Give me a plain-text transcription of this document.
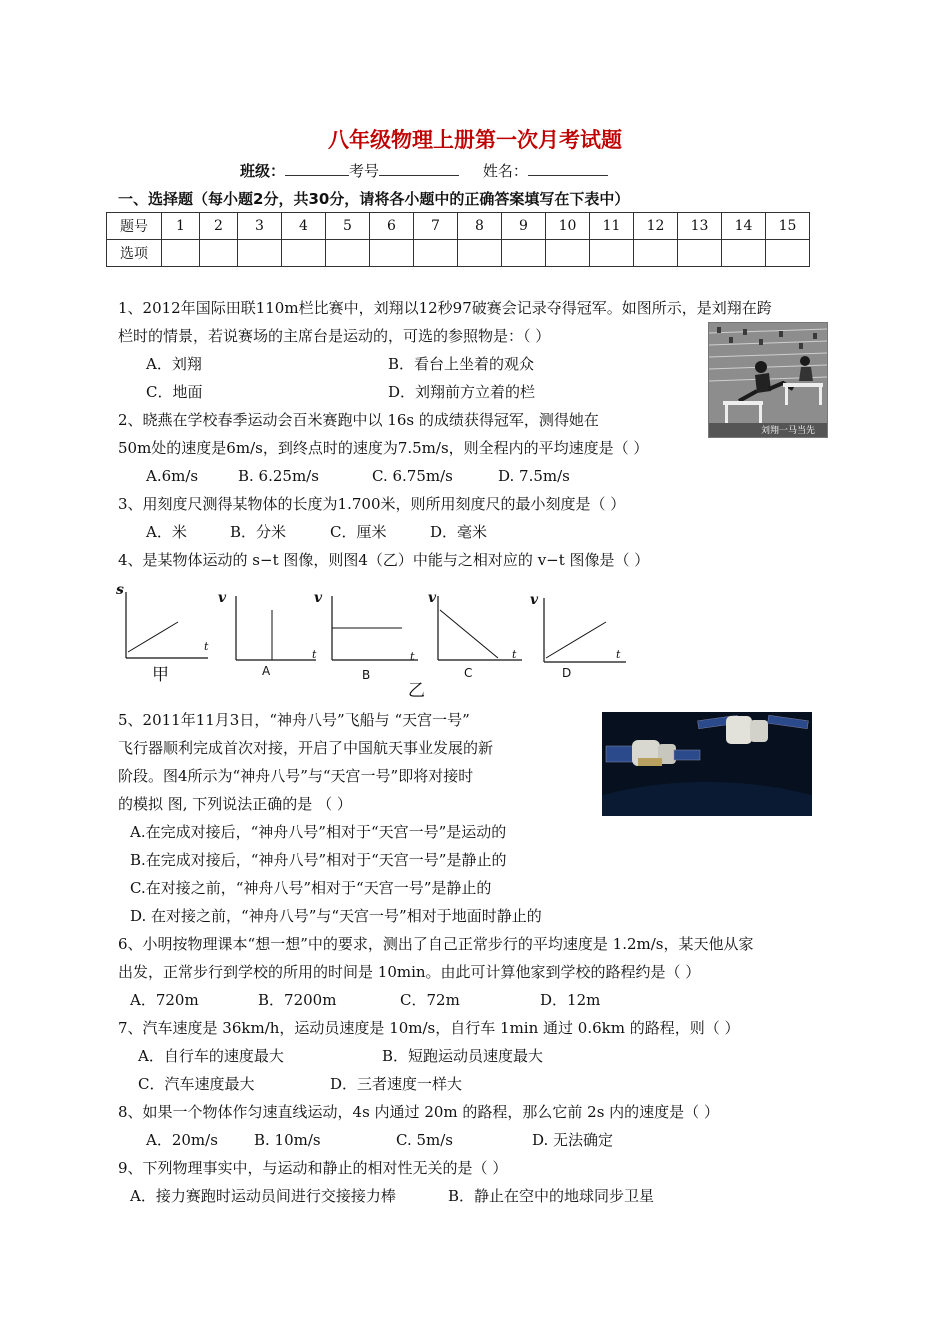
八年级物理上册第一次月考试题
班级：	考号	姓名：
一、选择题（每小题2分，共30分，请将各小题中的正确答案填写在下表中）
题号	1	2	3	4	5	6	7	8	9	10	11	12	13	14	15
选项															
1、2012年国际田联110m栏比赛中，刘翔以12秒97破赛会记录夺得冠军。如图所示，是刘翔在跨
栏时的情景，若说赛场的主席台是运动的，可选的参照物是：（ ）
A．刘翔	B．看台上坐着的观众
C．地面	D．刘翔前方立着的栏
刘翔一马当先
2、晓燕在学校春季运动会百米赛跑中以 16s 的成绩获得冠军，测得她在
50m处的速度是6m/s，到终点时的速度为7.5m/s，则全程内的平均速度是（ ）
A.6m/s	B. 6.25m/s	C. 6.75m/s	D. 7.5m/s
3、用刻度尺测得某物体的长度为1.700米，则所用刻度尺的最小刻度是（ ）
A．米	B．分米	C．厘米	D．毫米
4、是某物体运动的 s−t 图像，则图4（乙）中能与之相对应的 v−t 图像是（ ）
s
t
甲
v
t
A
v
t
B
乙
v
t
C
v
t
D
5、2011年11月3日，“神舟八号”飞船与 “天宫一号”
飞行器顺利完成首次对接，开启了中国航天事业发展的新
阶段。图4所示为“神舟八号”与“天宫一号”即将对接时
的模拟 图, 下列说法正确的是 （ ）
A.在完成对接后，“神舟八号”相对于“天宫一号”是运动的
B.在完成对接后，“神舟八号”相对于“天宫一号”是静止的
C.在对接之前，“神舟八号”相对于“天宫一号”是静止的
D. 在对接之前，“神舟八号”与“天宫一号”相对于地面时静止的
6、小明按物理课本“想一想”中的要求，测出了自己正常步行的平均速度是 1.2m/s，某天他从家
出发，正常步行到学校的所用的时间是 10min。由此可计算他家到学校的路程约是（ ）
A．720m	B．7200m	C．72m	D．12m
7、汽车速度是 36km/h，运动员速度是 10m/s，自行车 1min 通过 0.6km 的路程，则（ ）
A．自行车的速度最大	B．短跑运动员速度最大
C．汽车速度最大	D．三者速度一样大
8、如果一个物体作匀速直线运动，4s 内通过 20m 的路程，那么它前 2s 内的速度是（ ）
A．20m/s B. 10m/s	C. 5m/s	D. 无法确定
9、下列物理事实中，与运动和静止的相对性无关的是（ ）
A．接力赛跑时运动员间进行交接接力棒	B．静止在空中的地球同步卫星
